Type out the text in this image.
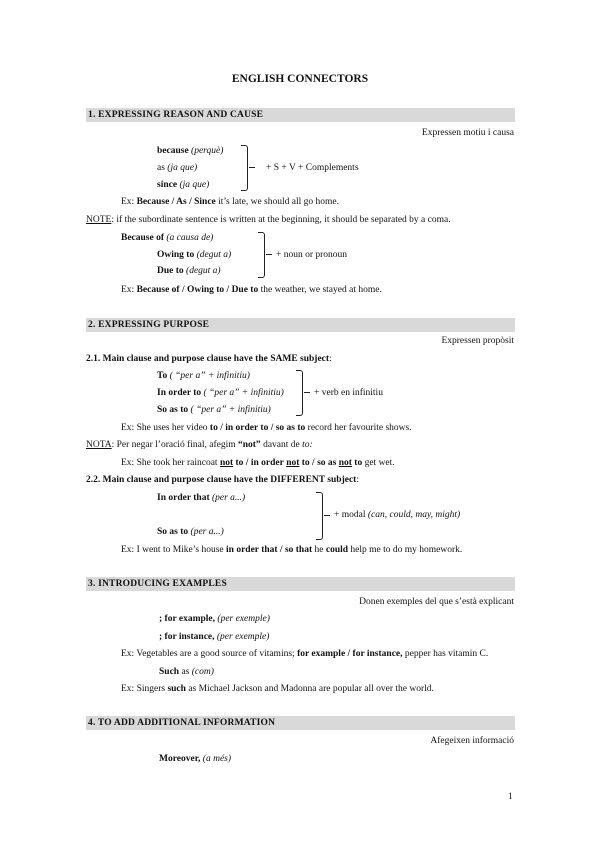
ENGLISH CONNECTORS
1. EXPRESSING REASON AND CAUSE
Expressen motiu i causa
because (perquè)
as (ja que)
since (ja que)
+ S + V + Complements
Ex: Because / As / Since it’s late, we should all go home.
NOTE: if the subordinate sentence is written at the beginning, it should be separated by a coma.
Because of (a causa de)
Owing to (degut a)
Due to (degut a)
+ noun or pronoun
Ex: Because of / Owing to / Due to the weather, we stayed at home.
2. EXPRESSING PURPOSE
Expressen propòsit
2.1. Main clause and purpose clause have the SAME subject:
To ( “per a” + infinitiu)
In order to ( “per a” + infinitiu)
So as to ( “per a” + infinitiu)
+ verb en infinitiu
Ex: She uses her video to / in order to / so as to record her favourite shows.
NOTA: Per negar l’oració final, afegim “not” davant de to:
Ex: She took her raincoat not to / in order not to / so as not to get wet.
2.2. Main clause and purpose clause have the DIFFERENT subject:
In order that (per a...)
So as to (per a...)
+ modal (can, could, may, might)
Ex: I went to Mike’s house in order that / so that he could help me to do my homework.
3. INTRODUCING EXAMPLES
Donen exemples del que s’està explicant
; for example, (per exemple)
; for instance, (per exemple)
Ex: Vegetables are a good source of vitamins; for example / for instance, pepper has vitamin C.
Such as (com)
Ex: Singers such as Michael Jackson and Madonna are popular all over the world.
4. TO ADD ADDITIONAL INFORMATION
Afegeixen informació
Moreover, (a més)
1
